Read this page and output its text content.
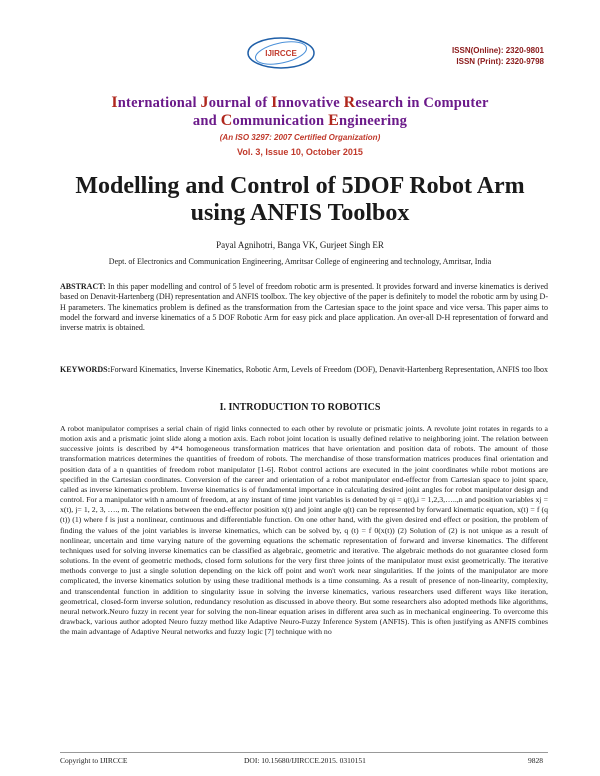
IJIRCCE	ISSN(Online): 2320-9801
ISSN (Print): 2320-9798
International Journal of Innovative Research in Computer
and Communication Engineering
(An ISO 3297: 2007 Certified Organization)
Vol. 3, Issue 10, October 2015
Modelling and Control of 5DOF Robot Arm
using ANFIS Toolbox
Payal Agnihotri, Banga VK, Gurjeet Singh ER
Dept. of Electronics and Communication Engineering, Amritsar College of engineering and technology, Amritsar, India
ABSTRACT: In this paper modelling and control of 5 level of freedom robotic arm is presented. It provides forward and inverse kinematics is derived based on Denavit-Hartenberg (DH) representation and ANFIS toolbox. The key objective of the paper is definitely to model the robotic arm by using D-H parameters. The kinematics problem is defined as the transformation from the Cartesian space to the joint space and vice versa. This paper aims to model the forward and inverse kinematics of a 5 DOF Robotic Arm for easy pick and place application. An over-all D-H representation of forward and inverse matrix is obtained.
KEYWORDS:Forward Kinematics, Inverse Kinematics, Robotic Arm, Levels of Freedom (DOF), Denavit-Hartenberg Representation, ANFIS too lbox
I. INTRODUCTION TO ROBOTICS
A robot manipulator comprises a serial chain of rigid links connected to each other by revolute or prismatic joints. A revolute joint rotates in regards to a motion axis and a prismatic joint slide along a motion axis. Each robot joint location is usually defined relative to neighboring joint. The relation between successive joints is described by 4*4 homogeneous transformation matrices that have orientation and position data of robots. The amount of those transformation matrices determines the quantities of freedom of robots. The merchandise of those transformation matrices produces final orientation and position data of a n quantities of freedom robot manipulator [1-6]. Robot control actions are executed in the joint coordinates while robot motions are specified in the Cartesian coordinates. Conversion of the career and orientation of a robot manipulator end-effector from Cartesian space to joint space, called as inverse kinematics problem. Inverse kinematics is of fundamental importance in calculating desired joint angles for robot manipulator design and control. For a manipulator with n amount of freedom, at any instant of time joint variables is denoted by qi = q(t),i = 1,2,3,…..,n and position variables xj = x(t), j= 1, 2, 3, …., m. The relations between the end-effector position x(t) and joint angle q(t) can be represented by forward kinematic equation, x(t) = f (q (t)) (1) where f is just a nonlinear, continuous and differentiable function. On one other hand, with the given desired end effect or position, the problem of finding the values of the joint variables is inverse kinematics, which can be solved by, q (t) = f 0(x(t)) (2) Solution of (2) is not unique as a result of nonlinear, uncertain and time varying nature of the governing equations the schematic representation of forward and inverse kinematics. The different techniques used for solving inverse kinematics can be classified as algebraic, geometric and iterative. The algebraic methods do not guarantee closed form solutions. In the event of geometric methods, closed form solutions for the very first three joints of the manipulator must exist geometrically. The iterative methods converge to just a single solution depending on the kick off point and won't work near singularities. If the joints of the manipulator are more complicated, the inverse kinematics solution by using these traditional methods is a time consuming. As a result of presence of non-linearity, complexity, and transcendental function in addition to singularity issue in solving the inverse kinematics, various researchers used different ways like iteration, geometrical, closed-form inverse solution, redundancy resolution as discussed in above theory. But some researchers also adopted methods like algorithms, neural network.Neuro fuzzy in recent year for solving the non-linear equation arises in different area such as in mechanical engineering. To overcome this drawback, various author adopted Neuro fuzzy method like Adaptive Neuro-Fuzzy Inference System (ANFIS). This is often justifying as ANFIS combines the main advantage of Adaptive Neural networks and fuzzy logic [7] technique with no
Copyright to IJIRCCE	DOI: 10.15680/IJIRCCE.2015. 0310151	9828
